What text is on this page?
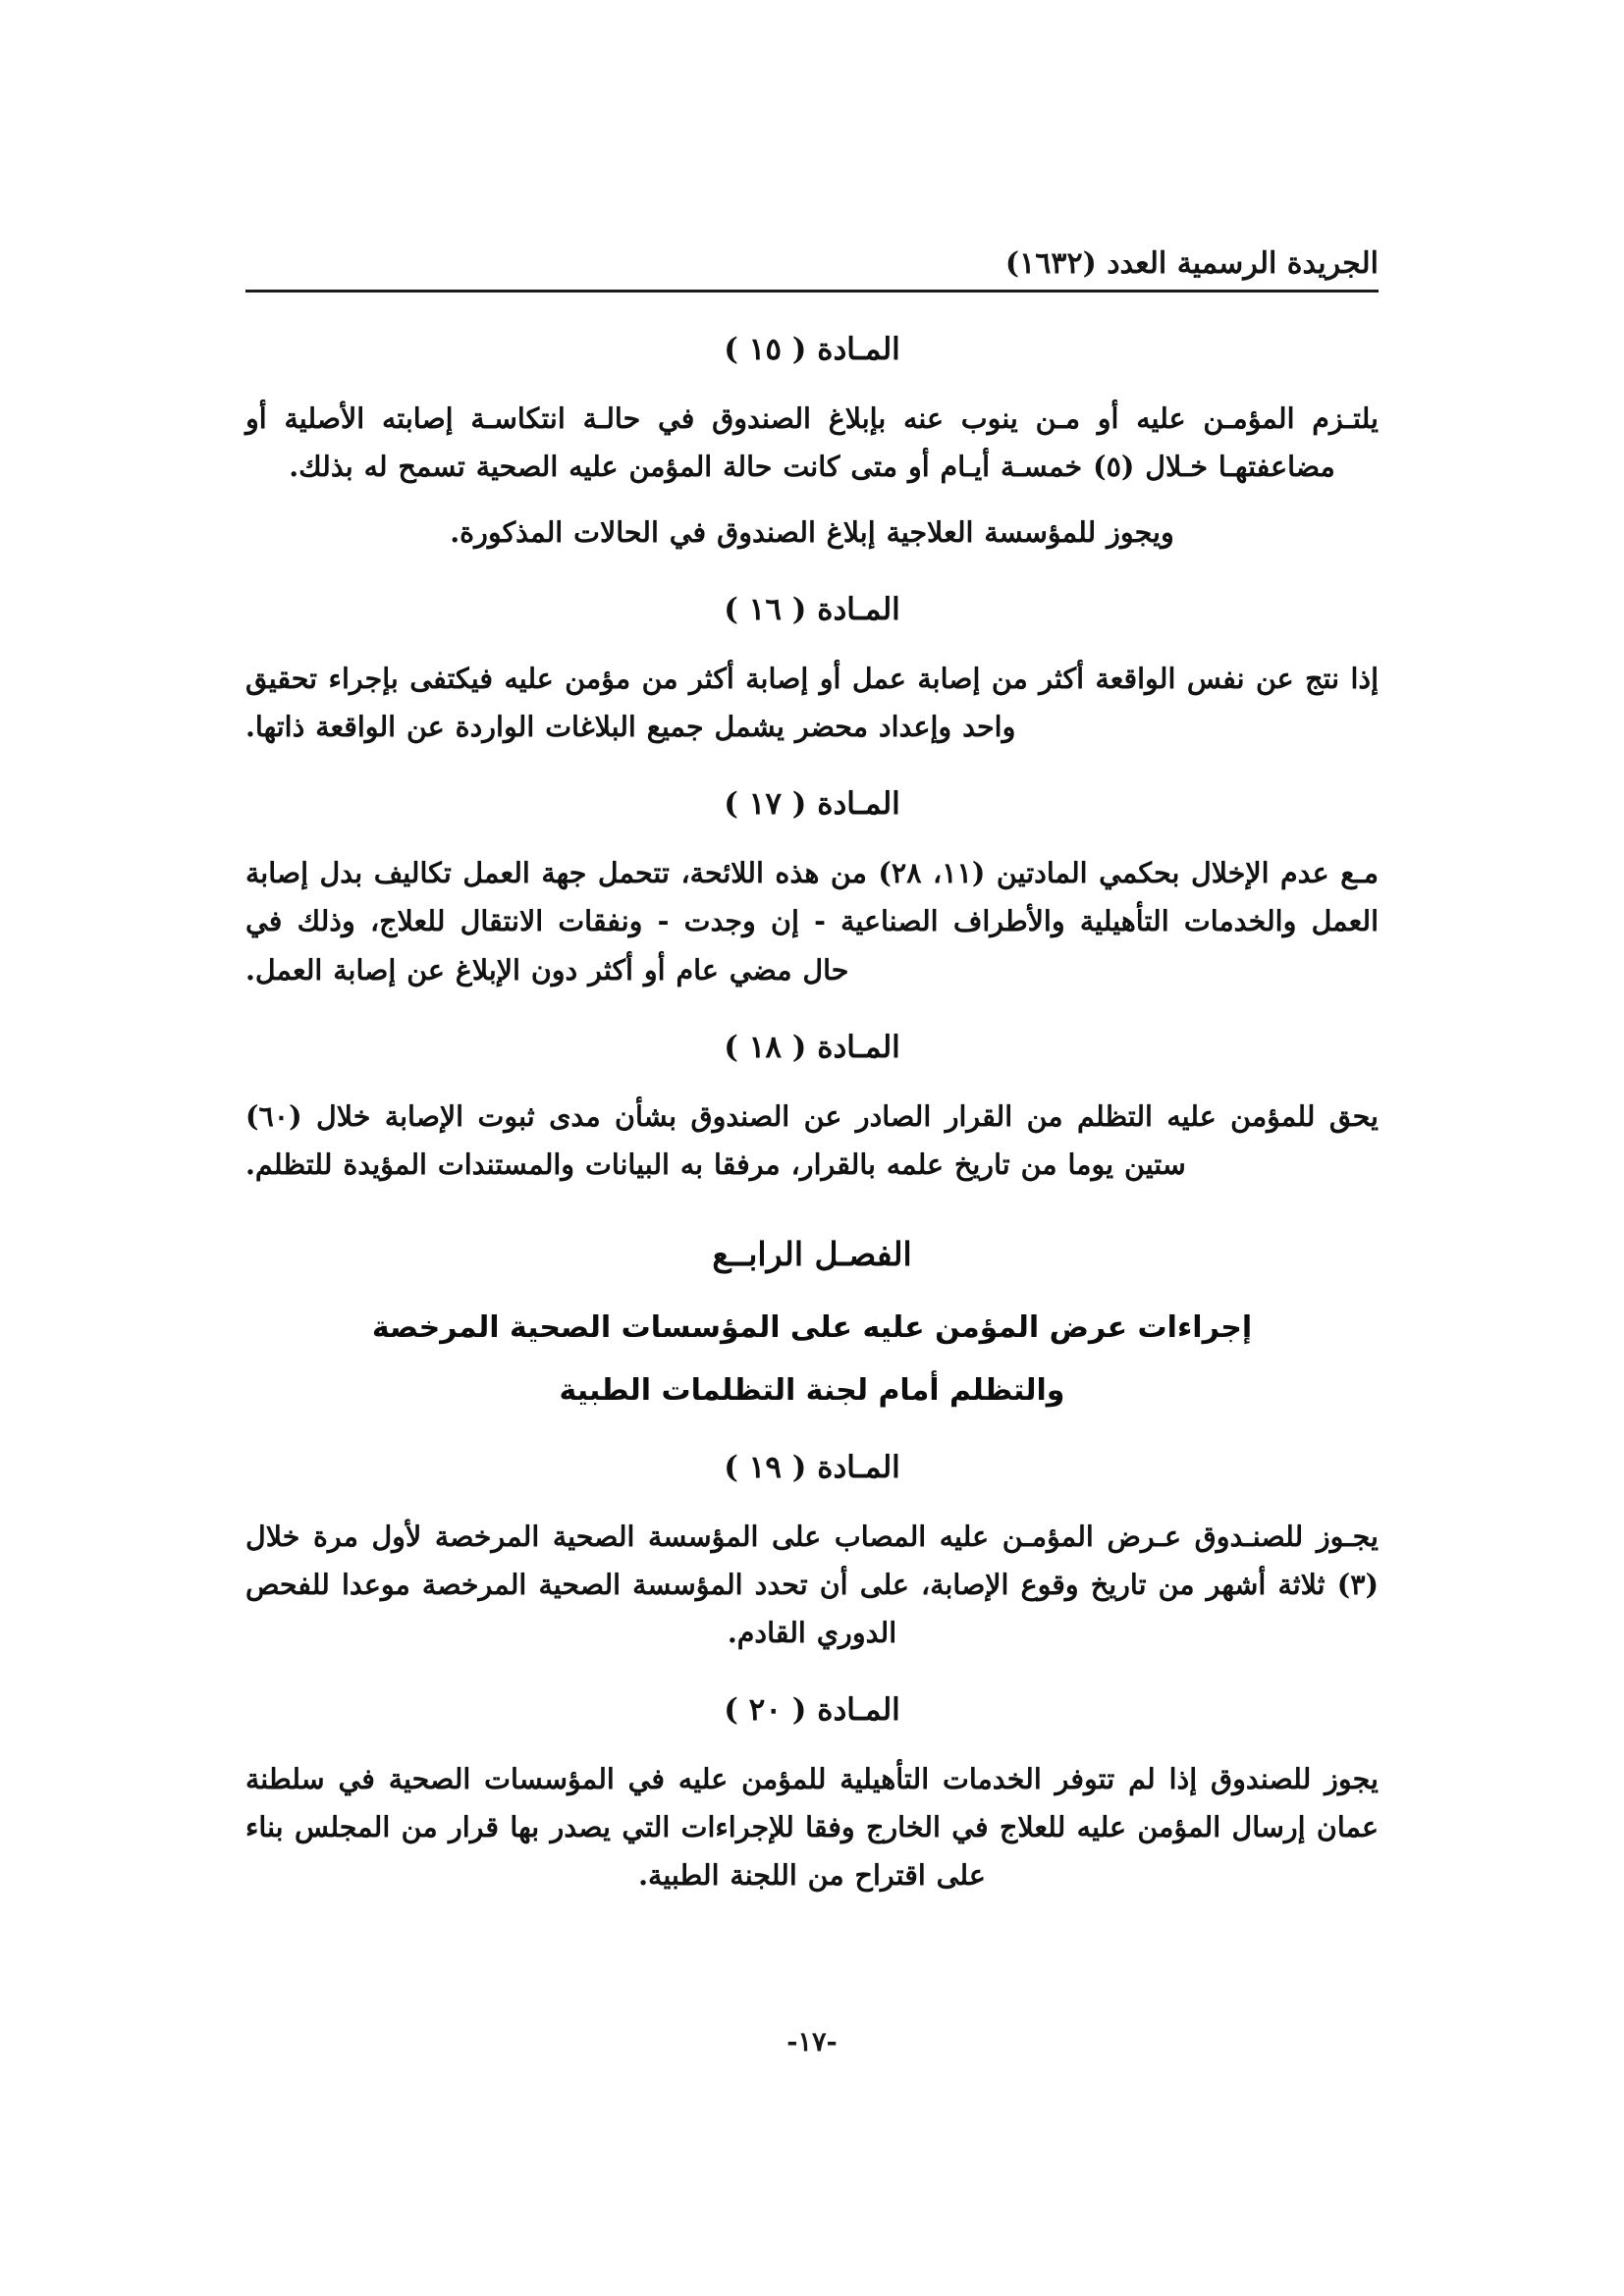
الجريدة الرسمية العدد (١٦٣٢)
المـادة ( ١٥ )

يلتـزم المؤمـن عليه أو مـن ينوب عنه بإبلاغ الصندوق في حالـة انتكاسـة إصابته الأصلية أو مضاعفتهـا خـلال (٥) خمسـة أيـام أو متى كانت حالة المؤمن عليه الصحية تسمح له بذلك.

ويجوز للمؤسسة العلاجية إبلاغ الصندوق في الحالات المذكورة.

المـادة ( ١٦ )

إذا نتج عن نفس الواقعة أكثر من إصابة عمل أو إصابة أكثر من مؤمن عليه فيكتفى بإجراء تحقيق واحد وإعداد محضر يشمل جميع البلاغات الواردة عن الواقعة ذاتها.

المـادة ( ١٧ )

مـع عدم الإخلال بحكمي المادتين (١١، ٢٨) من هذه اللائحة، تتحمل جهة العمل تكاليف بدل إصابة العمل والخدمات التأهيلية والأطراف الصناعية - إن وجدت - ونفقات الانتقال للعلاج، وذلك في حال مضي عام أو أكثر دون الإبلاغ عن إصابة العمل.

المـادة ( ١٨ )

يحق للمؤمن عليه التظلم من القرار الصادر عن الصندوق بشأن مدى ثبوت الإصابة خلال (٦٠) ستين يوما من تاريخ علمه بالقرار، مرفقا به البيانات والمستندات المؤيدة للتظلم.

الفصـل الرابــع
إجراءات عرض المؤمن عليه على المؤسسات الصحية المرخصة
والتظلم أمام لجنة التظلمات الطبية
المـادة ( ١٩ )

يجـوز للصنـدوق عـرض المؤمـن عليه المصاب على المؤسسة الصحية المرخصة لأول مرة خلال (٣) ثلاثة أشهر من تاريخ وقوع الإصابة، على أن تحدد المؤسسة الصحية المرخصة موعدا للفحص الدوري القادم.

المـادة ( ٢٠ )

يجوز للصندوق إذا لم تتوفر الخدمات التأهيلية للمؤمن عليه في المؤسسات الصحية في سلطنة عمان إرسال المؤمن عليه للعلاج في الخارج وفقا للإجراءات التي يصدر بها قرار من المجلس بناء على اقتراح من اللجنة الطبية.

-١٧-
